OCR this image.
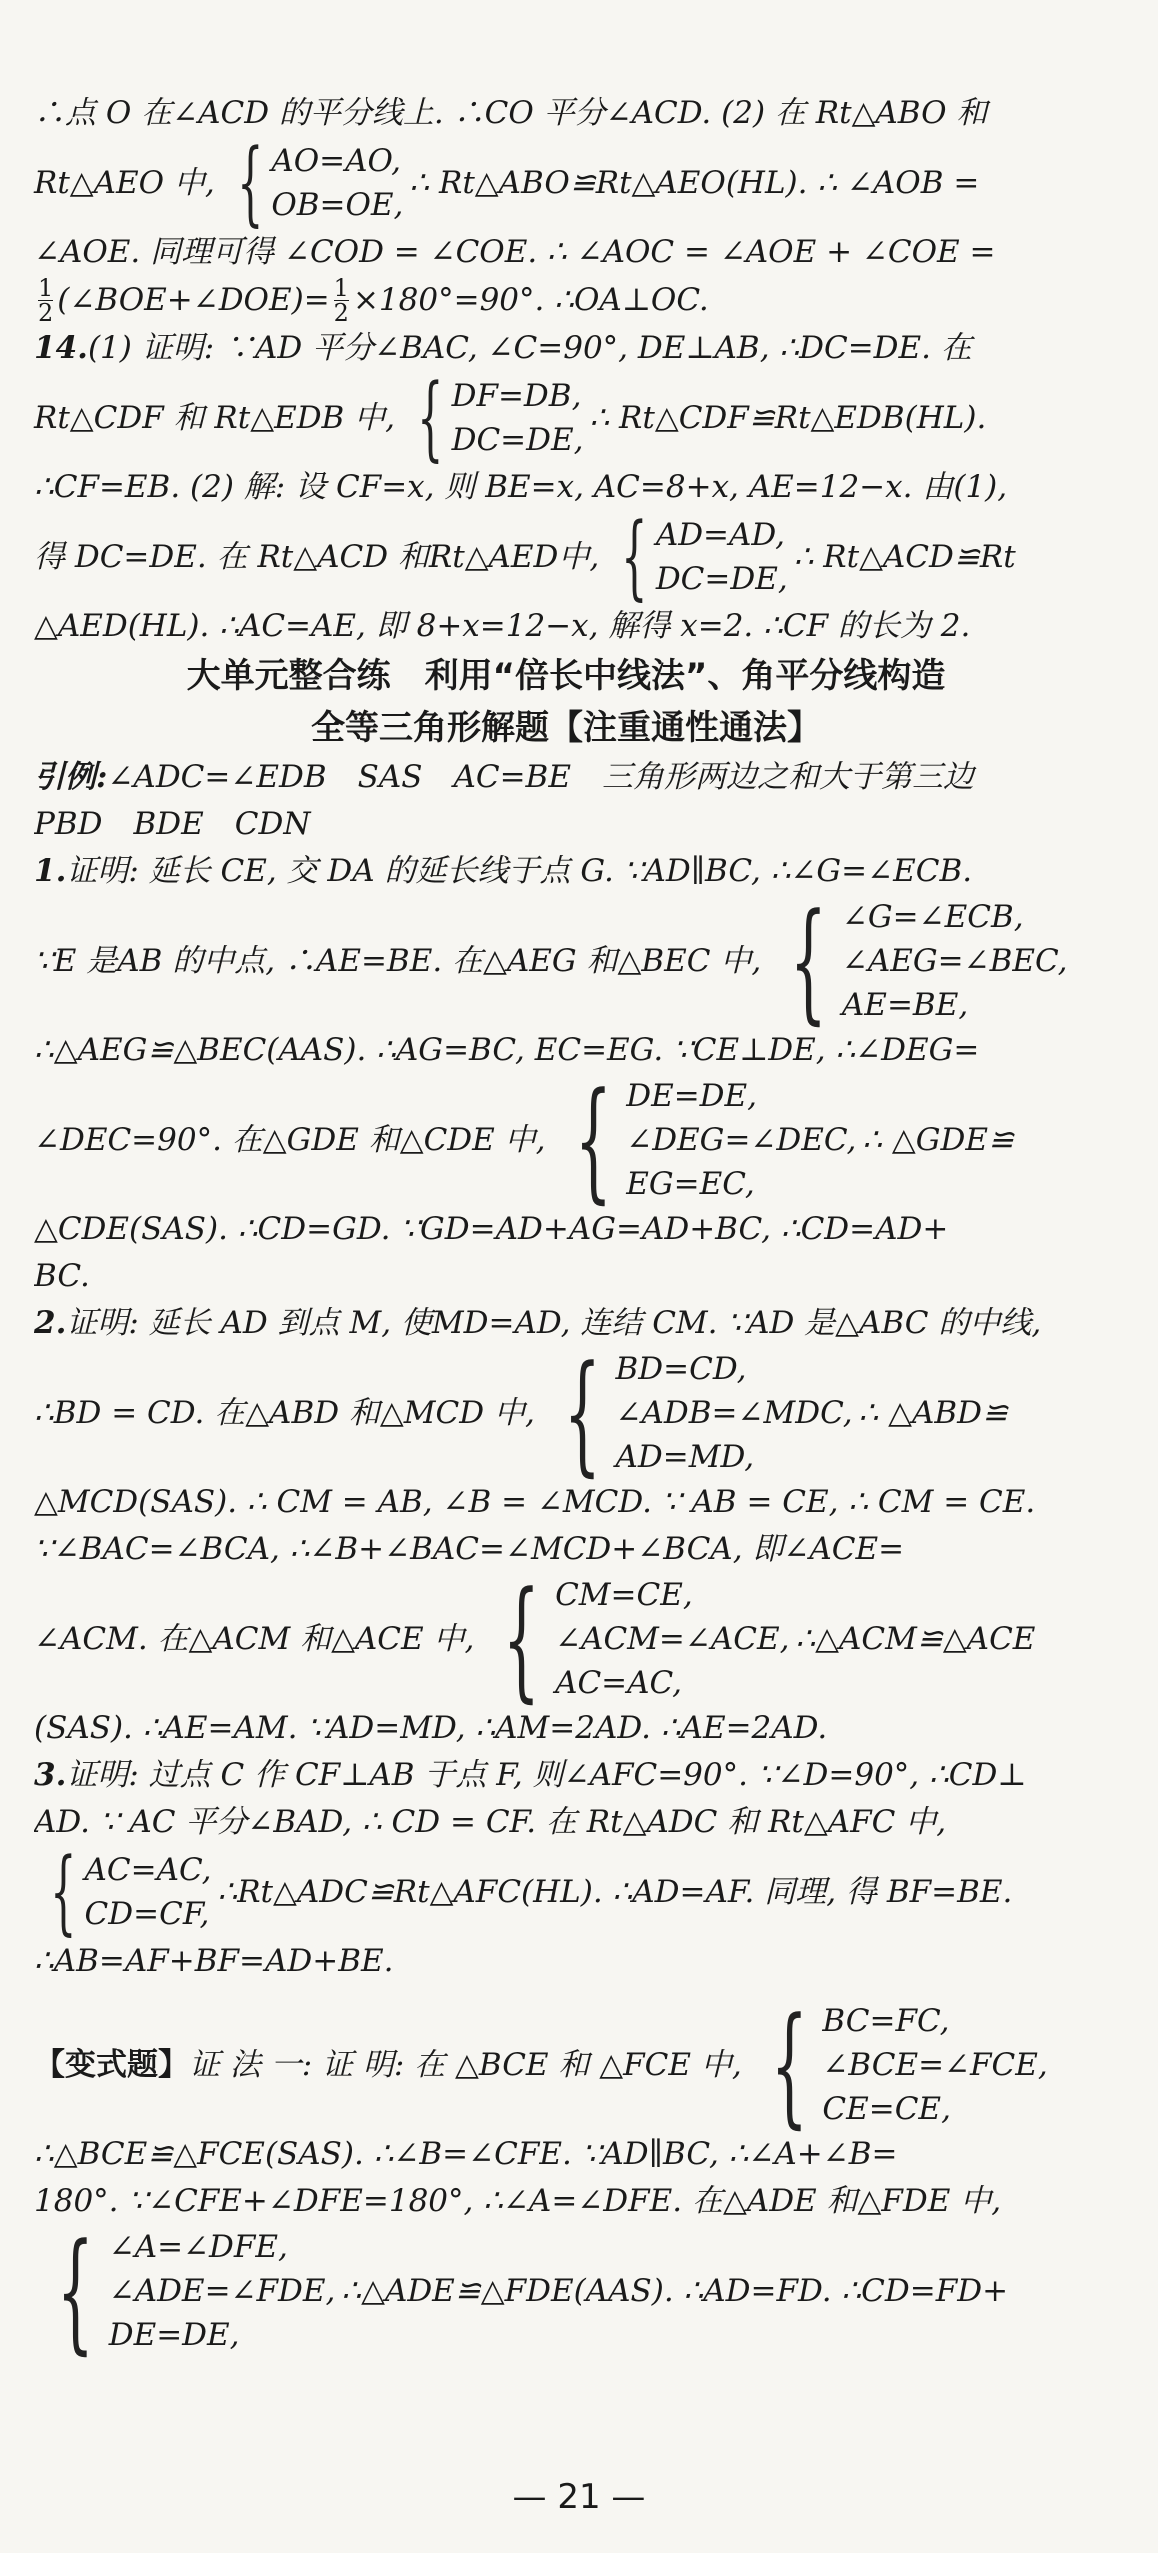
∴点 O 在∠ACD 的平分线上. ∴CO 平分∠ACD. (2) 在 Rt△ABO 和
Rt△AEO 中, { AO=AO,
OB=OE,
∴ Rt△ABO≌Rt△AEO(HL). ∴ ∠AOB =
∠AOE. 同理可得 ∠COD = ∠COE. ∴ ∠AOC = ∠AOE + ∠COE =
$\frac{1}{2}$ (∠BOE+∠DOE)= $\frac{1}{2} \times 180^\circ=90^\circ$. ∴OA⊥OC.
14.(1) 证明: ∵AD 平分∠BAC, ∠C=90°, DE⊥AB, ∴DC=DE. 在
Rt△CDF 和 Rt△EDB 中, { DF=DB,
DC=DE,
∴ Rt△CDF≌Rt△EDB(HL).
∴CF=EB. (2) 解: 设 CF=x, 则 BE=x, AC=8+x, AE=12−x. 由(1),
得 DC=DE. 在 Rt△ACD 和Rt△AED中, { AD=AD,
DC=DE,
∴ Rt△ACD≌Rt
△AED(HL). ∴AC=AE, 即 8+x=12−x, 解得 x=2. ∴CF 的长为 2.
大单元整合练　利用“倍长中线法”、角平分线构造
全等三角形解题【注重通性通法】
引例:∠ADC=∠EDB　SAS　AC=BE　三角形两边之和大于第三边
PBD　BDE　CDN
1.证明: 延长 CE, 交 DA 的延长线于点 G. ∵AD∥BC, ∴∠G=∠ECB.
∵E 是AB 的中点, ∴AE=BE. 在△AEG 和△BEC 中, { ∠G=∠ECB,
∠AEG=∠BEC,
AE=BE,
∴△AEG≌△BEC(AAS). ∴AG=BC, EC=EG. ∵CE⊥DE, ∴∠DEG=
∠DEC=90°. 在△GDE 和△CDE 中, { DE=DE,
∠DEG=∠DEC,
EG=EC,
∴ △GDE≌
△CDE(SAS). ∴CD=GD. ∵GD=AD+AG=AD+BC, ∴CD=AD+
BC.
2.证明: 延长 AD 到点 M, 使MD=AD, 连结 CM. ∵AD 是△ABC 的中线,
∴BD = CD. 在△ABD 和△MCD 中, { BD=CD,
∠ADB=∠MDC,
AD=MD,
∴ △ABD≌
△MCD(SAS). ∴ CM = AB, ∠B = ∠MCD. ∵ AB = CE, ∴ CM = CE.
∵∠BAC=∠BCA, ∴∠B+∠BAC=∠MCD+∠BCA, 即∠ACE=
∠ACM. 在△ACM 和△ACE 中, { CM=CE,
∠ACM=∠ACE,
AC=AC,
∴△ACM≌△ACE
(SAS). ∴AE=AM. ∵AD=MD, ∴AM=2AD. ∴AE=2AD.
3.证明: 过点 C 作 CF⊥AB 于点 F, 则∠AFC=90°. ∵∠D=90°, ∴CD⊥
AD. ∵ AC 平分∠BAD, ∴ CD = CF. 在 Rt△ADC 和 Rt△AFC 中,
{ AC=AC,
CD=CF,
∴Rt△ADC≌Rt△AFC(HL). ∴AD=AF. 同理, 得 BF=BE.
∴AB=AF+BF=AD+BE.
【变式题】 证 法 一: 证 明: 在 △BCE 和 △FCE 中, { BC=FC,
∠BCE=∠FCE,
CE=CE,
∴△BCE≌△FCE(SAS). ∴∠B=∠CFE. ∵AD∥BC, ∴∠A+∠B=
180°. ∵∠CFE+∠DFE=180°, ∴∠A=∠DFE. 在△ADE 和△FDE 中,
{ ∠A=∠DFE,
∠ADE=∠FDE,
DE=DE,
∴△ADE≌△FDE(AAS). ∴AD=FD. ∴CD=FD+
— 21 —
